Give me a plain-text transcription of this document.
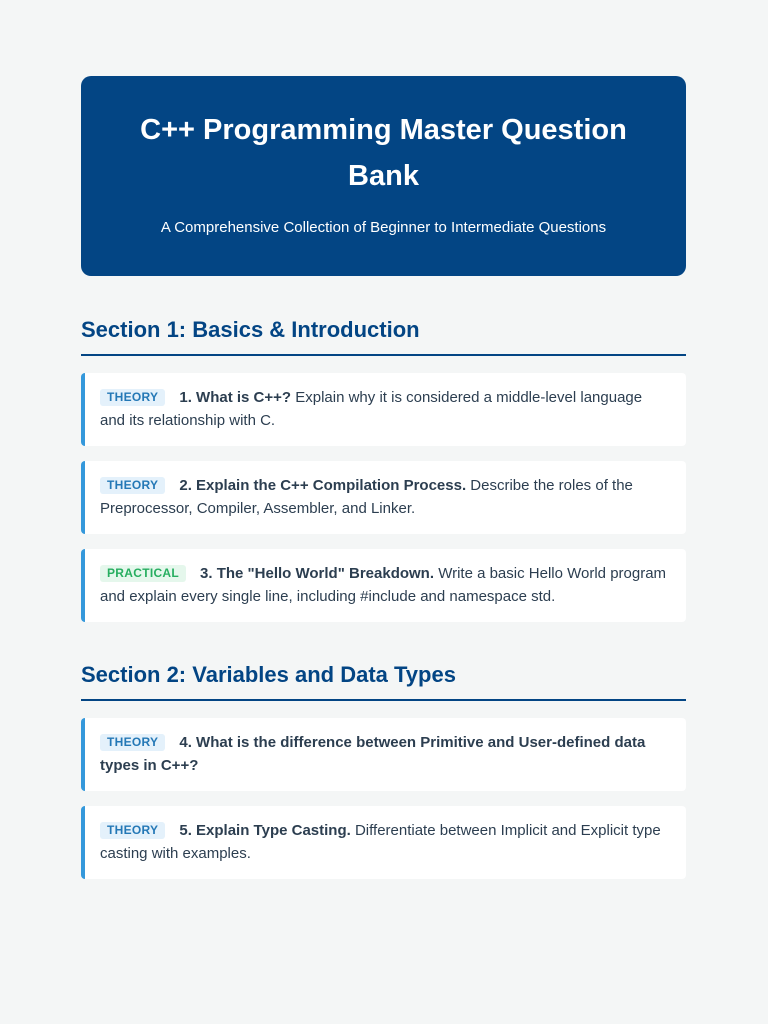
C++ Programming Master Question Bank
A Comprehensive Collection of Beginner to Intermediate Questions
Section 1: Basics & Introduction
THEORY 1. What is C++? Explain why it is considered a middle-level language and its relationship with C.
THEORY 2. Explain the C++ Compilation Process. Describe the roles of the Preprocessor, Compiler, Assembler, and Linker.
PRACTICAL 3. The "Hello World" Breakdown. Write a basic Hello World program and explain every single line, including #include and namespace std.
Section 2: Variables and Data Types
THEORY 4. What is the difference between Primitive and User-defined data types in C++?
THEORY 5. Explain Type Casting. Differentiate between Implicit and Explicit type casting with examples.
